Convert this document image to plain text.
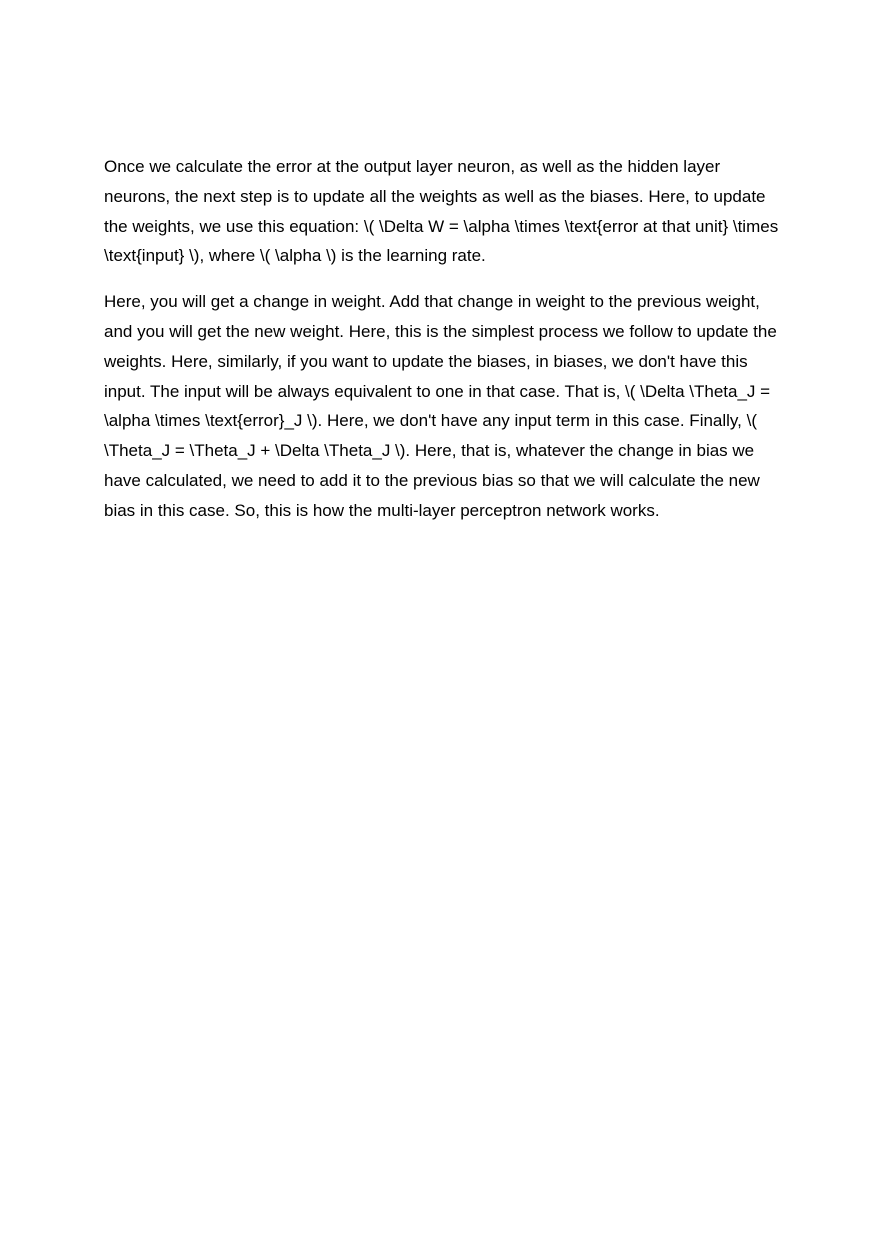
Once we calculate the error at the output layer neuron, as well as the hidden layer neurons, the next step is to update all the weights as well as the biases. Here, to update the weights, we use this equation: \( \Delta W = \alpha \times \text{error at that unit} \times \text{input} \), where \( \alpha \) is the learning rate.

Here, you will get a change in weight. Add that change in weight to the previous weight, and you will get the new weight. Here, this is the simplest process we follow to update the weights. Here, similarly, if you want to update the biases, in biases, we don't have this input. The input will be always equivalent to one in that case. That is, \( \Delta \Theta_J = \alpha \times \text{error}_J \). Here, we don't have any input term in this case. Finally, \( \Theta_J = \Theta_J + \Delta \Theta_J \). Here, that is, whatever the change in bias we have calculated, we need to add it to the previous bias so that we will calculate the new bias in this case. So, this is how the multi-layer perceptron network works.
